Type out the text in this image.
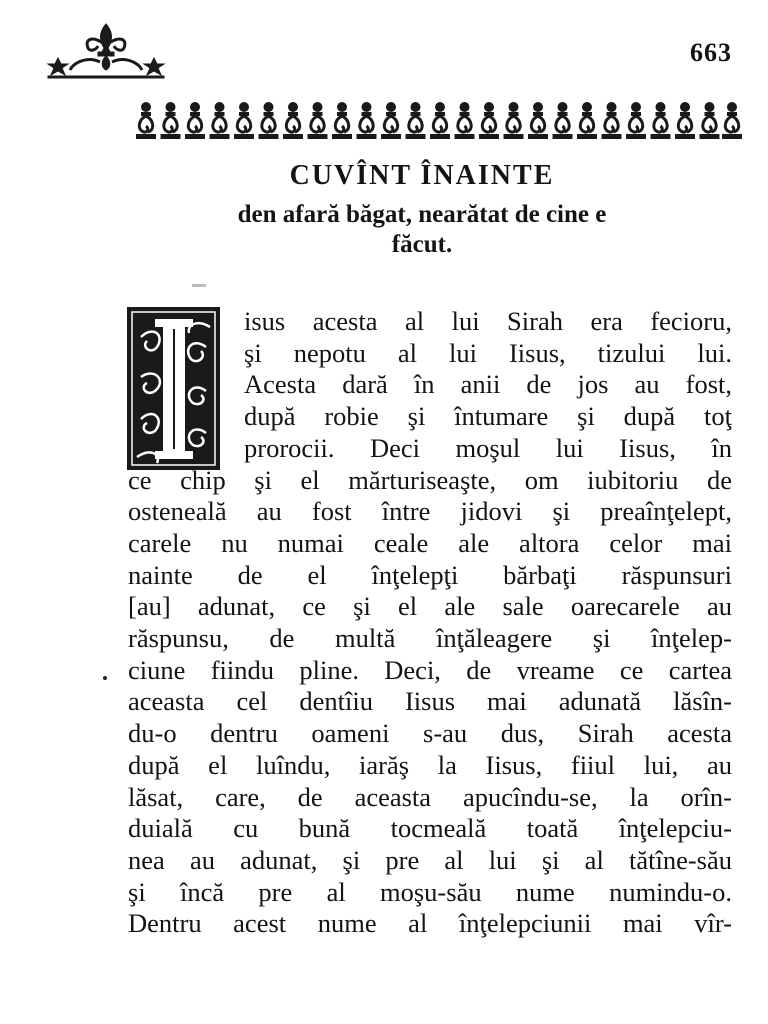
663
CUVÎNT ÎNAINTE
den afară băgat, nearătat de cine e
făcut.
isus acesta al lui Sirah era fecioru,
şi nepotu al lui Iisus, tizului lui.
Acesta dară în anii de jos au fost,
după robie şi întumare şi după toţ
prorocii. Deci moşul lui Iisus, în
ce chip şi el mărturiseaşte, om iubitoriu de
osteneală au fost între jidovi şi preaînţelept,
carele nu numai ceale ale altora celor mai
nainte de el înţelepţi bărbaţi răspunsuri
[au] adunat, ce şi el ale sale oarecarele au
răspunsu, de multă înţăleagere şi înţelep-
ciune fiindu pline. Deci, de vreame ce cartea
aceasta cel dentîiu Iisus mai adunată lăsîn-
du-o dentru oameni s-au dus, Sirah acesta
după el luîndu, iarăş la Iisus, fiiul lui, au
lăsat, care, de aceasta apucîndu-se, la orîn-
duială cu bună tocmeală toată înţelepciu-
nea au adunat, şi pre al lui şi al tătîne-său
şi încă pre al moşu-său nume numindu-o.
Dentru acest nume al înţelepciunii mai vîr-
